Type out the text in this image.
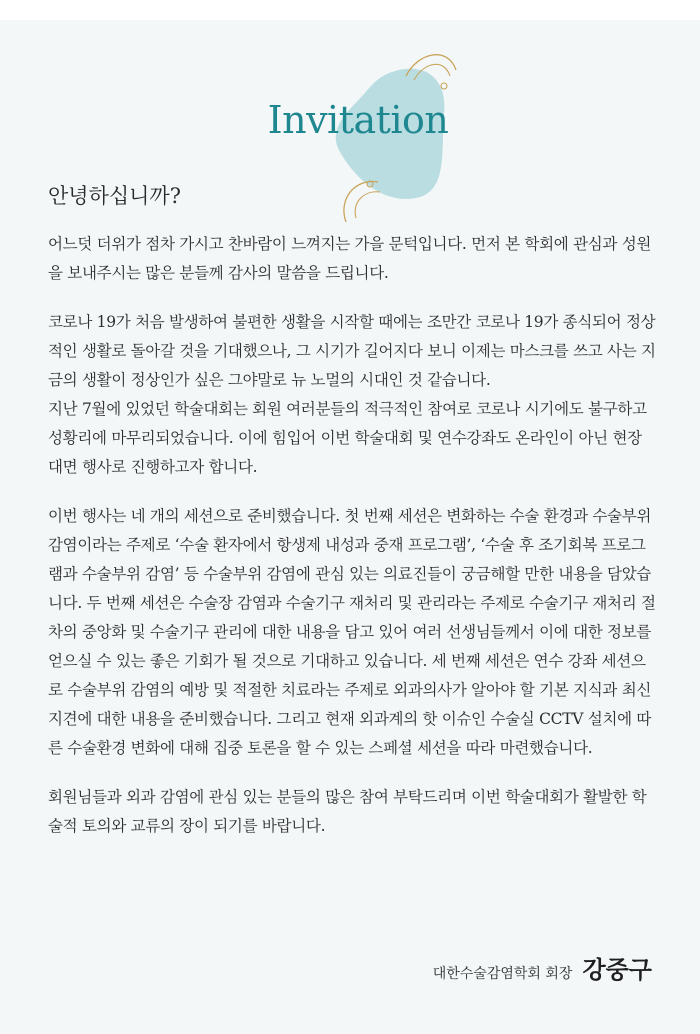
Invitation
안녕하십니까?

어느덧 더위가 점차 가시고 찬바람이 느껴지는 가을 문턱입니다. 먼저 본 학회에 관심과 성원을 보내주시는 많은 분들께 감사의 말씀을 드립니다.

코로나 19가 처음 발생하여 불편한 생활을 시작할 때에는 조만간 코로나 19가 종식되어 정상적인 생활로 돌아갈 것을 기대했으나, 그 시기가 길어지다 보니 이제는 마스크를 쓰고 사는 지금의 생활이 정상인가 싶은 그야말로 뉴 노멀의 시대인 것 같습니다.

지난 7월에 있었던 학술대회는 회원 여러분들의 적극적인 참여로 코로나 시기에도 불구하고 성황리에 마무리되었습니다. 이에 힘입어 이번 학술대회 및 연수강좌도 온라인이 아닌 현장 대면 행사로 진행하고자 합니다.

이번 행사는 네 개의 세션으로 준비했습니다. 첫 번째 세션은 변화하는 수술 환경과 수술부위 감염이라는 주제로 ‘수술 환자에서 항생제 내성과 중재 프로그램’, ‘수술 후 조기회복 프로그램과 수술부위 감염’ 등 수술부위 감염에 관심 있는 의료진들이 궁금해할 만한 내용을 담았습니다. 두 번째 세션은 수술장 감염과 수술기구 재처리 및 관리라는 주제로 수술기구 재처리 절차의 중앙화 및 수술기구 관리에 대한 내용을 담고 있어 여러 선생님들께서 이에 대한 정보를 얻으실 수 있는 좋은 기회가 될 것으로 기대하고 있습니다. 세 번째 세션은 연수 강좌 세션으로 수술부위 감염의 예방 및 적절한 치료라는 주제로 외과의사가 알아야 할 기본 지식과 최신 지견에 대한 내용을 준비했습니다. 그리고 현재 외과계의 핫 이슈인 수술실 CCTV 설치에 따른 수술환경 변화에 대해 집중 토론을 할 수 있는 스페셜 세션을 따라 마련했습니다.

회원님들과 외과 감염에 관심 있는 분들의 많은 참여 부탁드리며 이번 학술대회가 활발한 학술적 토의와 교류의 장이 되기를 바랍니다.

대한수술감염학회 회장 강중구
